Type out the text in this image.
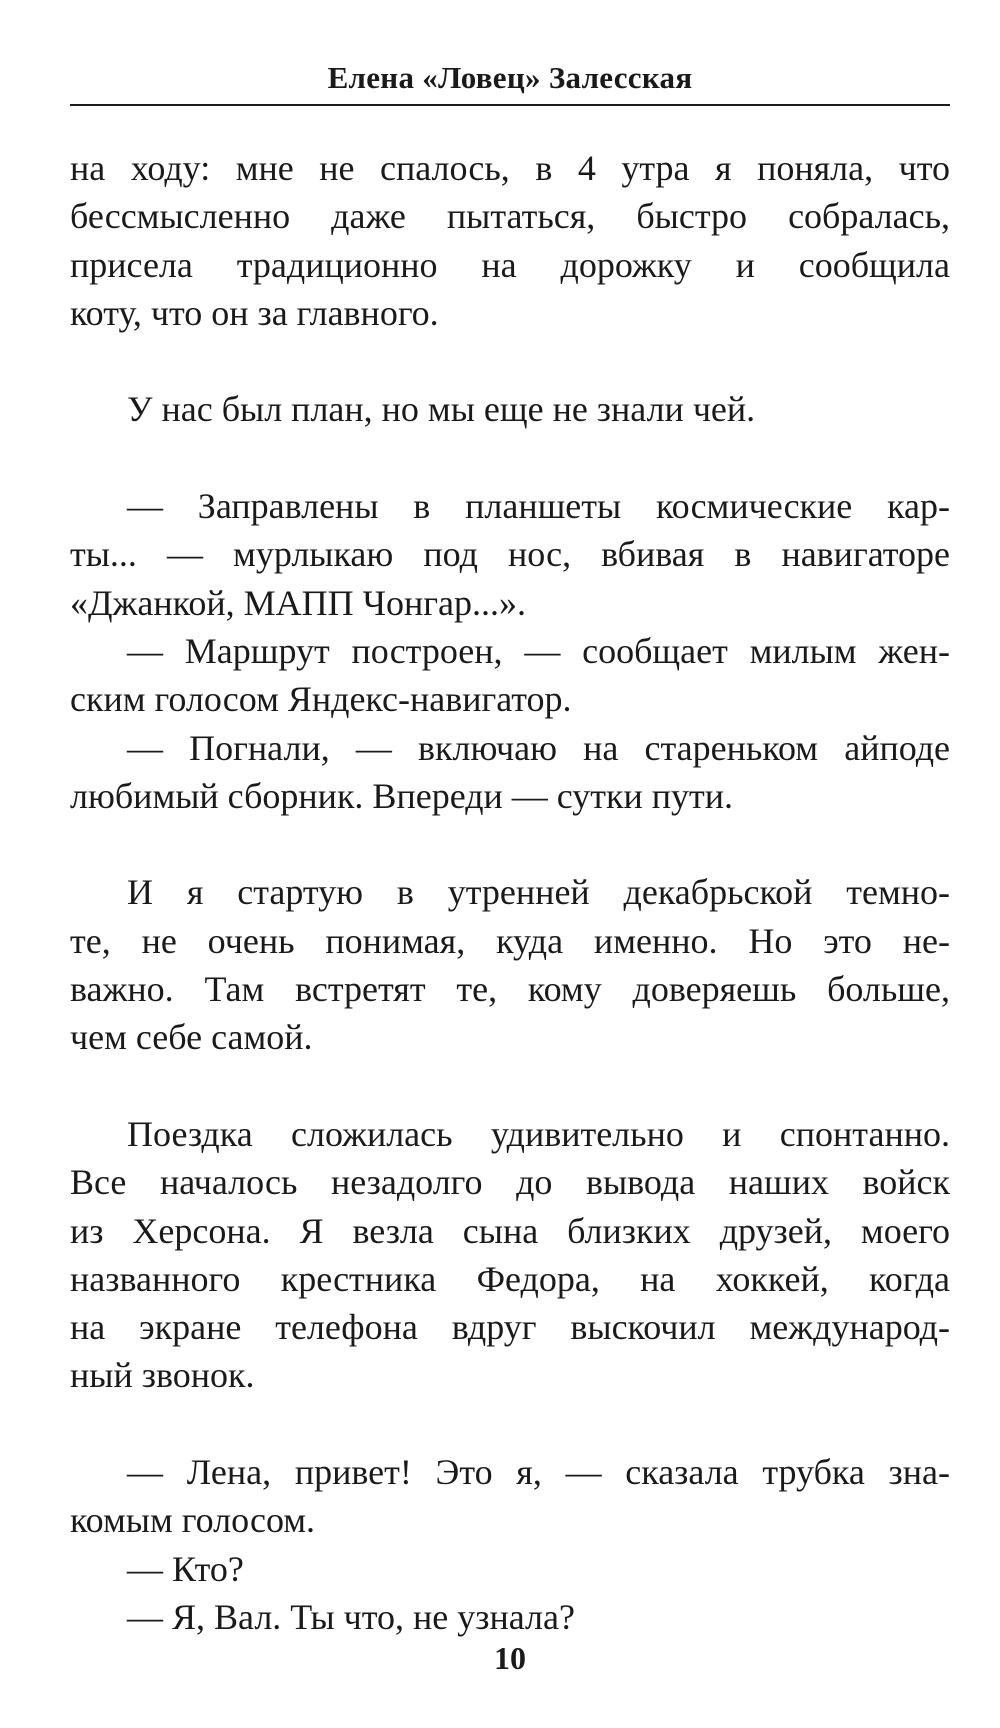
Елена «Ловец» Залесская
на ходу: мне не спалось, в 4 утра я поняла, что
бессмысленно даже пытаться, быстро собралась,
присела традиционно на дорожку и сообщила
коту, что он за главного.
У нас был план, но мы еще не знали чей.
— Заправлены в планшеты космические кар-
ты... — мурлыкаю под нос, вбивая в навигаторе
«Джанкой, МАПП Чонгар...».
— Маршрут построен, — сообщает милым жен-
ским голосом Яндекс-навигатор.
— Погнали, — включаю на стареньком айподе
любимый сборник. Впереди — сутки пути.
И я стартую в утренней декабрьской темно-
те, не очень понимая, куда именно. Но это не-
важно. Там встретят те, кому доверяешь больше,
чем себе самой.
Поездка сложилась удивительно и спонтанно.
Все началось незадолго до вывода наших войск
из Херсона. Я везла сына близких друзей, моего
названного крестника Федора, на хоккей, когда
на экране телефона вдруг выскочил международ-
ный звонок.
— Лена, привет! Это я, — сказала трубка зна-
комым голосом.
— Кто?
— Я, Вал. Ты что, не узнала?
10
